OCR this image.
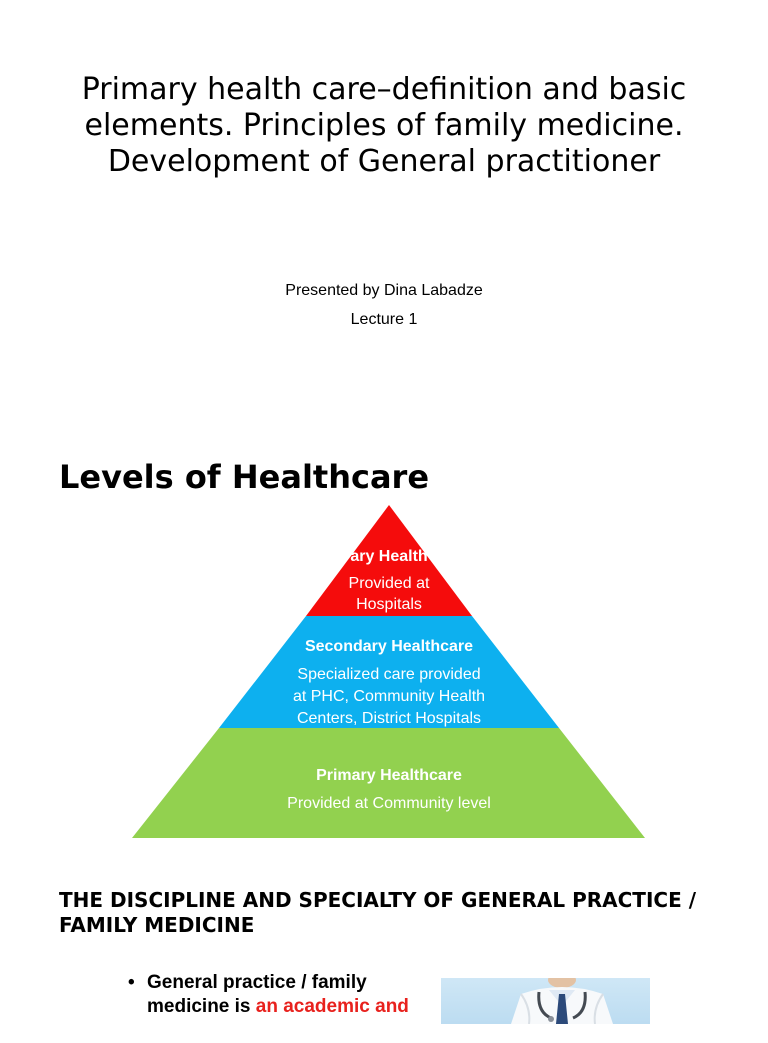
Primary health care–definition and basic elements. Principles of family medicine. Development of General practitioner
Presented by Dina Labadze
Lecture 1
Levels of Healthcare
ary Health
Provided at
Hospitals
Secondary Healthcare
Specialized care provided
at PHC, Community Health
Centers, District Hospitals
Primary Healthcare
Provided at Community level
THE DISCIPLINE AND SPECIALTY OF GENERAL PRACTICE / FAMILY MEDICINE
• General practice / family
medicine is an academic and
